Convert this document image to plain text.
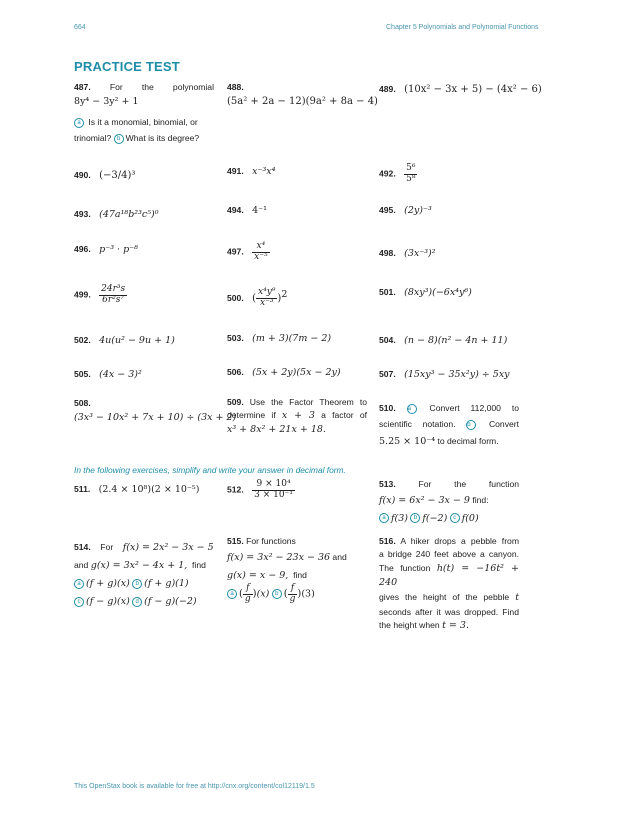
664	Chapter 5 Polynomials and Polynomial Functions
PRACTICE TEST
487. For the polynomial
8y⁴ − 3y² + 1
a Is it a monomial, binomial, or trinomial? b What is its degree?
488.
(5a² + 2a − 12)(9a² + 8a − 4)
489. (10x² − 3x + 5) − (4x² − 6)
490. (−3/4)³	491. x⁻³x⁴	492. $\frac{\text{5⁶}}{\text{5⁸}}$
493. (47a¹⁸b²³c⁵)⁰	494. 4⁻¹	495. (2y)⁻³
496. p⁻³ · p⁻⁸	497. $\frac{\text{x⁴}}{\text{x⁻⁵}}$	498. (3x⁻³)²
499. $\frac{\text{24r³s}}{\text{6r²s⁷}}$	500. ( $\frac{\text{x⁴y⁹}}{\text{x⁻³}} )^2$	501. (8xy³)(−6x⁴y⁶)
502. 4u(u² − 9u + 1)	503. (m + 3)(7m − 2)	504. (n − 8)(n² − 4n + 11)
505. (4x − 3)²	506. (5x + 2y)(5x − 2y)	507. (15xy³ − 35x²y) ÷ 5xy
508.
(3x³ − 10x² + 7x + 10) ÷ (3x + 2)
509. Use the Factor Theorem to
determine if x + 3 a factor of
x³ + 8x² + 21x + 18.
510. a Convert 112,000 to
scientific notation. b Convert
5.25 × 10⁻⁴ to decimal form.
In the following exercises, simplify and write your answer in decimal form.
511. (2.4 × 10⁸)(2 × 10⁻⁵)	512. $\frac{\text{9 × 10⁴}}{\text{3 × 10⁻¹}}$	513.	For the function
f(x) = 6x² − 3x − 9 find:
a f(3) b f(−2) c f(0)
514. For f(x) = 2x² − 3x − 5
and g(x) = 3x² − 4x + 1, find
a (f + g)(x) b (f + g)(1)
c (f − g)(x) d (f − g)(−2)
515. For functions
f(x) = 3x² − 23x − 36 and
g(x) = x − 9, find
a ( $\frac{f}{g} )(x)$ b ( $\frac{f}{g} )(3)$
516. A hiker drops a pebble from
a bridge 240 feet above a canyon.
The function h(t) = −16t² + 240
gives the height of the pebble t
seconds after it was dropped. Find
the height when t = 3.
This OpenStax book is available for free at http://cnx.org/content/col12119/1.5
